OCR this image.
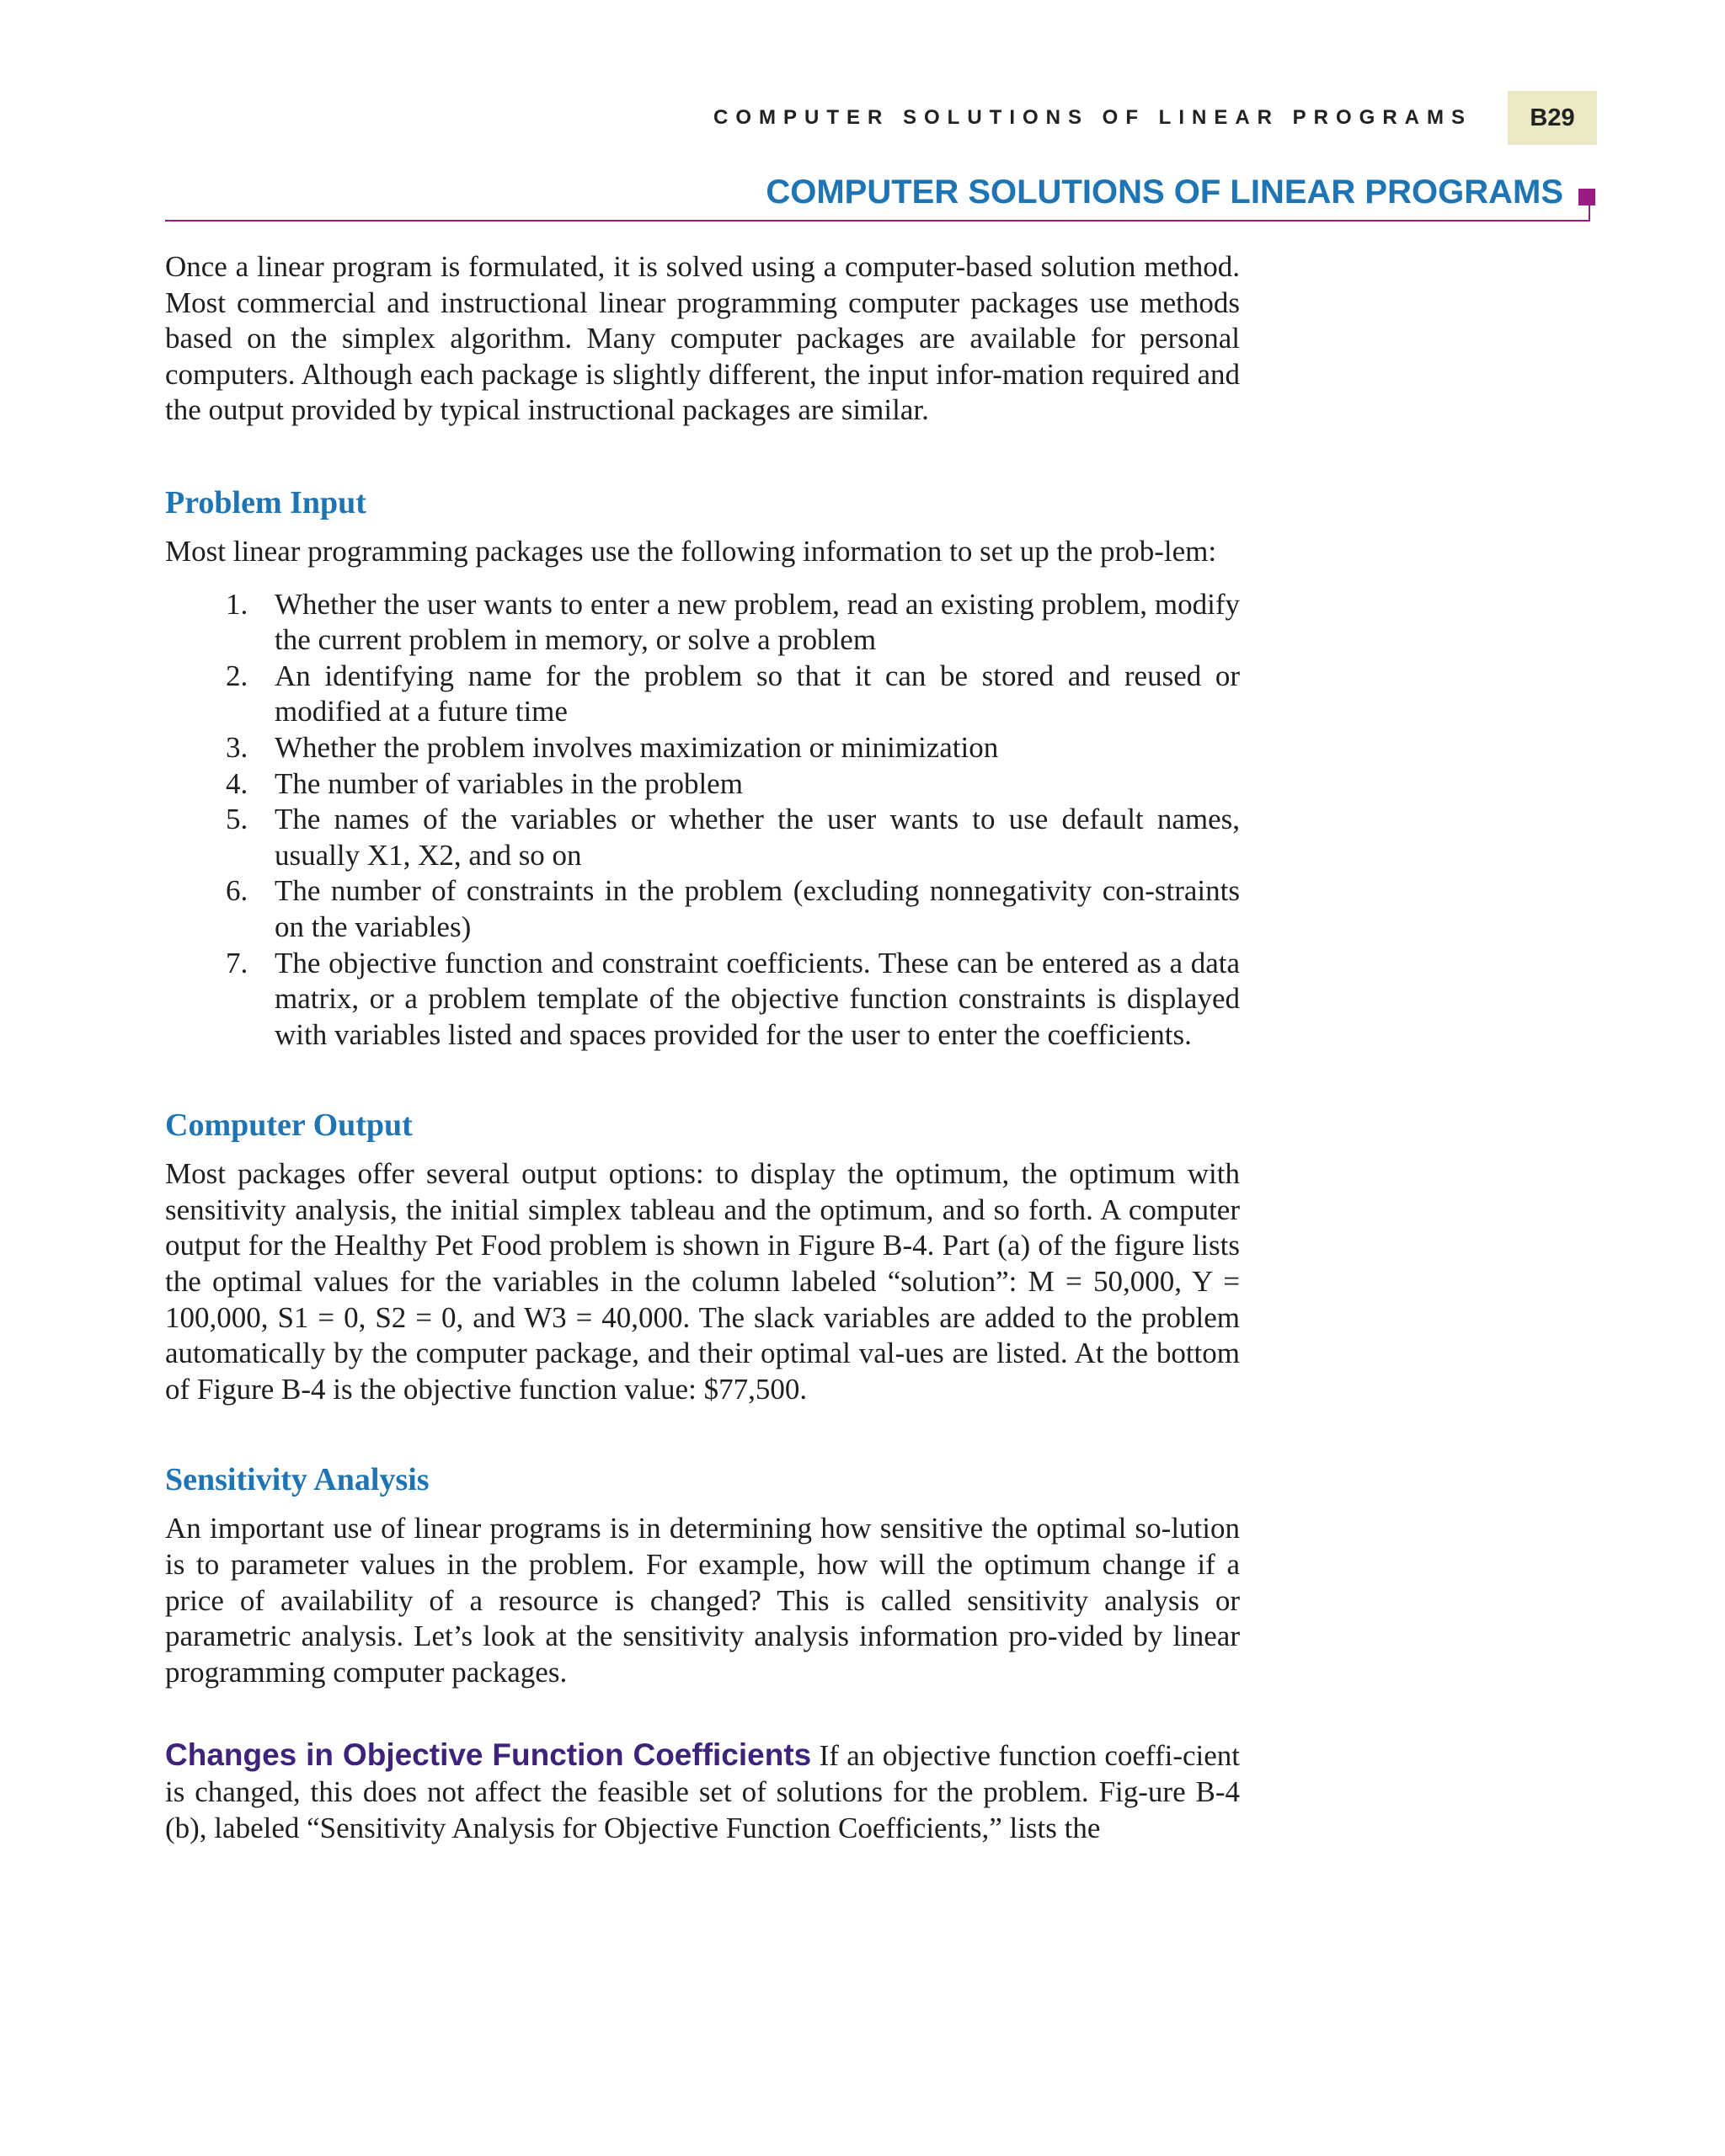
COMPUTER SOLUTIONS OF LINEAR PROGRAMS	B29
COMPUTER SOLUTIONS OF LINEAR PROGRAMS

Once a linear program is formulated, it is solved using a computer-based solution method. Most commercial and instructional linear programming computer packages use methods based on the simplex algorithm. Many computer packages are available for personal computers. Although each package is slightly different, the input infor-mation required and the output provided by typical instructional packages are similar.

Problem Input

Most linear programming packages use the following information to set up the prob-lem:

1. Whether the user wants to enter a new problem, read an existing problem, modify the current problem in memory, or solve a problem
2. An identifying name for the problem so that it can be stored and reused or modified at a future time
3. Whether the problem involves maximization or minimization
4. The number of variables in the problem
5. The names of the variables or whether the user wants to use default names, usually X1, X2, and so on
6. The number of constraints in the problem (excluding nonnegativity con-straints on the variables)
7. The objective function and constraint coefficients. These can be entered as a data matrix, or a problem template of the objective function constraints is displayed with variables listed and spaces provided for the user to enter the coefficients.
Computer Output

Most packages offer several output options: to display the optimum, the optimum with sensitivity analysis, the initial simplex tableau and the optimum, and so forth. A computer output for the Healthy Pet Food problem is shown in Figure B-4. Part (a) of the figure lists the optimal values for the variables in the column labeled “solution”: M = 50,000, Y = 100,000, S1 = 0, S2 = 0, and W3 = 40,000. The slack variables are added to the problem automatically by the computer package, and their optimal val-ues are listed. At the bottom of Figure B-4 is the objective function value: $77,500.

Sensitivity Analysis

An important use of linear programs is in determining how sensitive the optimal so-lution is to parameter values in the problem. For example, how will the optimum change if a price of availability of a resource is changed? This is called sensitivity analysis or parametric analysis. Let’s look at the sensitivity analysis information pro-vided by linear programming computer packages.

Changes in Objective Function Coefficients If an objective function coeffi-cient is changed, this does not affect the feasible set of solutions for the problem. Fig-ure B-4 (b), labeled “Sensitivity Analysis for Objective Function Coefficients,” lists the
